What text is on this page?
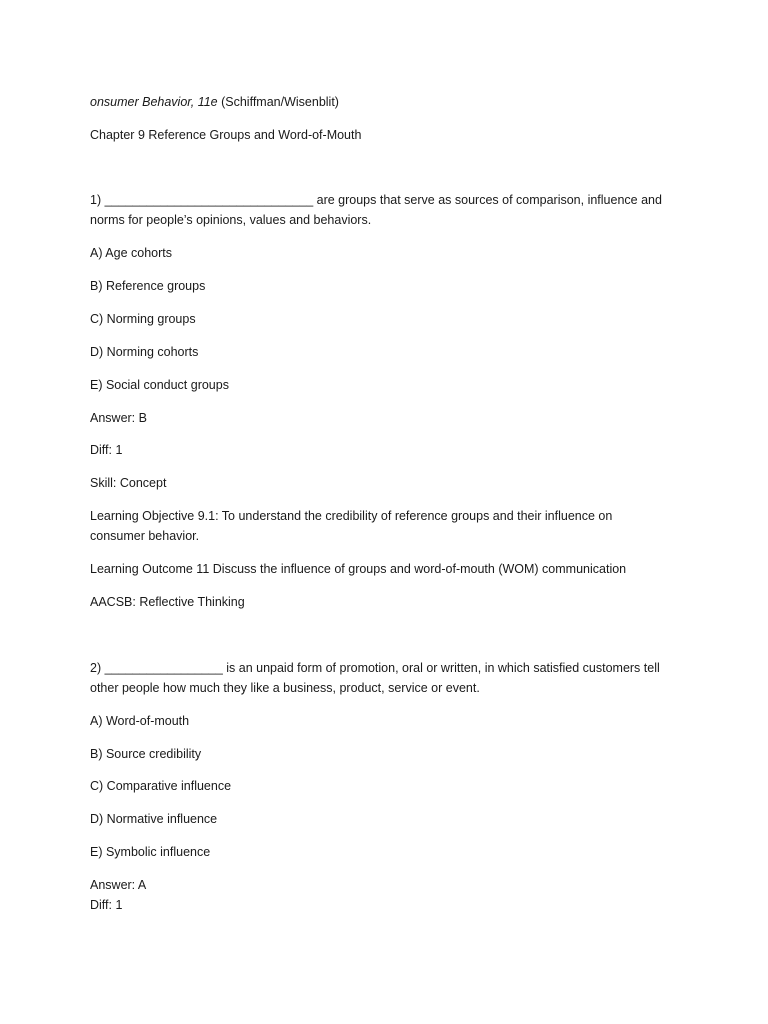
onsumer Behavior, 11e (Schiffman/Wisenblit)
Chapter 9 Reference Groups and Word-of-Mouth
1) ______________________________ are groups that serve as sources of comparison, influence and
norms for people’s opinions, values and behaviors.
A) Age cohorts
B) Reference groups
C) Norming groups
D) Norming cohorts
E) Social conduct groups
Answer: B
Diff: 1
Skill: Concept
Learning Objective 9.1: To understand the credibility of reference groups and their influence on
consumer behavior.
Learning Outcome 11 Discuss the influence of groups and word-of-mouth (WOM) communication
AACSB: Reflective Thinking
2) _________________ is an unpaid form of promotion, oral or written, in which satisfied customers tell
other people how much they like a business, product, service or event.
A) Word-of-mouth
B) Source credibility
C) Comparative influence
D) Normative influence
E) Symbolic influence
Answer: A
Diff: 1
